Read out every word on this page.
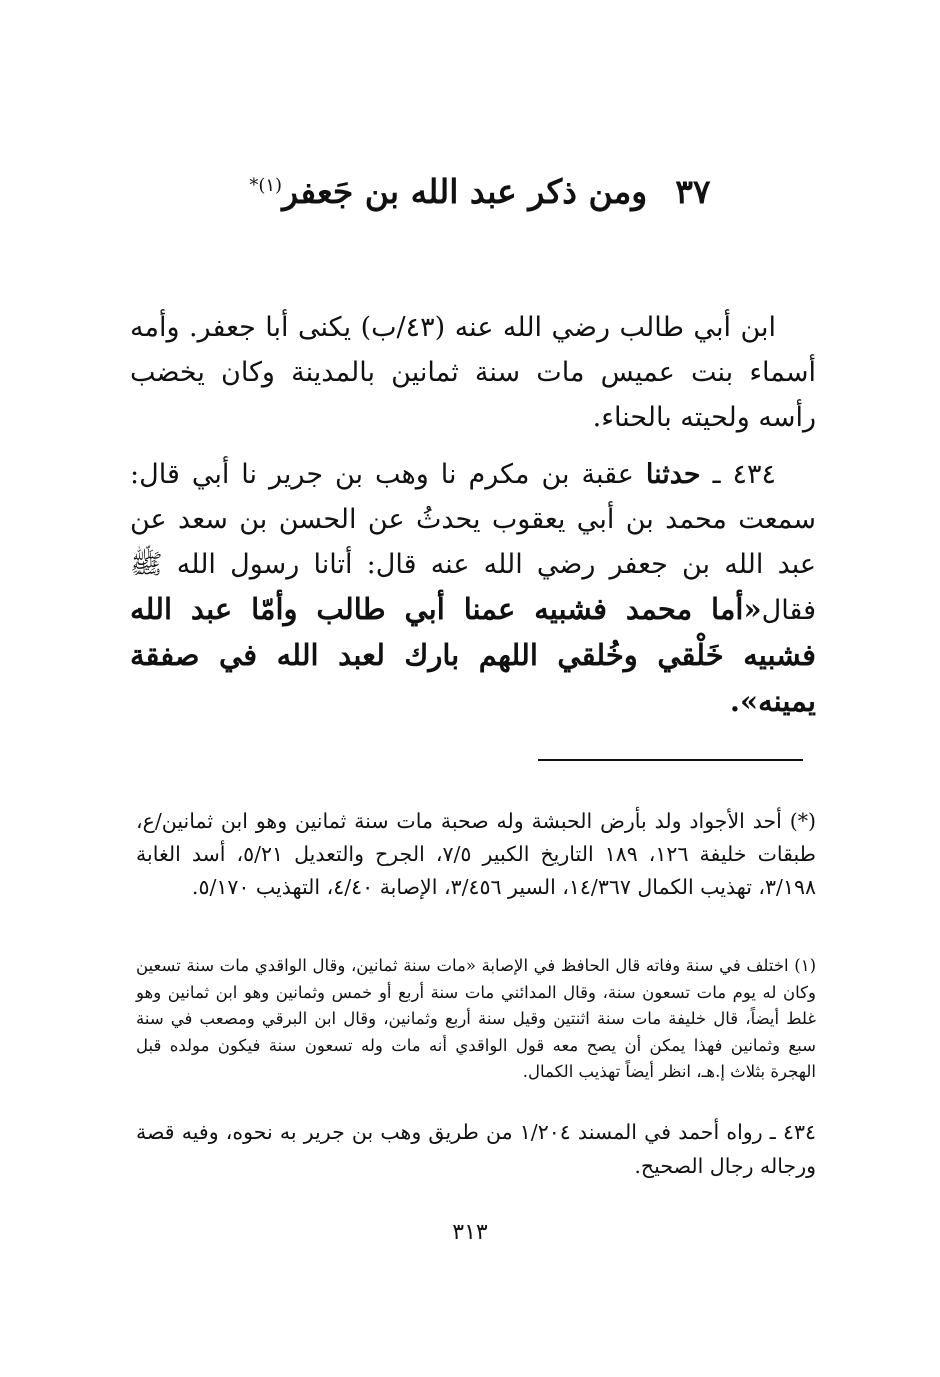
٣٧ومن ذكر عبد الله بن جَعفر$^{(١)*}$
ابن أبي طالب رضي الله عنه (٤٣/ب) يكنى أبا جعفر. وأمه أسماء بنت عميس مات سنة ثمانين بالمدينة وكان يخضب رأسه ولحيته بالحناء.
٤٣٤ ـ حدثنا عقبة بن مكرم نا وهب بن جرير نا أبي قال: سمعت محمد بن أبي يعقوب يحدثُ عن الحسن بن سعد عن عبد الله بن جعفر رضي الله عنه قال: أتانا رسول الله ﷺ فقال«أما محمد فشبيه عمنا أبي طالب وأمّا عبد الله فشبيه خَلْقي وخُلقي اللهم بارك لعبد الله في صفقة يمينه».
(*) أحد الأجواد ولد بأرض الحبشة وله صحبة مات سنة ثمانين وهو ابن ثمانين/ع، طبقات خليفة ١٢٦، ١٨٩ التاريخ الكبير ٧/٥، الجرح والتعديل ٥/٢١، أسد الغابة ٣/١٩٨، تهذيب الكمال ١٤/٣٦٧، السير ٣/٤٥٦، الإصابة ٤/٤٠، التهذيب ٥/١٧٠.
(١) اختلف في سنة وفاته قال الحافظ في الإصابة «مات سنة ثمانين، وقال الواقدي مات سنة تسعين وكان له يوم مات تسعون سنة، وقال المدائني مات سنة أربع أو خمس وثمانين وهو ابن ثمانين وهو غلط أيضاً، قال خليفة مات سنة اثنتين وقيل سنة أربع وثمانين، وقال ابن البرقي ومصعب في سنة سبع وثمانين فهذا يمكن أن يصح معه قول الواقدي أنه مات وله تسعون سنة فيكون مولده قبل الهجرة بثلاث إ.هـ، انظر أيضاً تهذيب الكمال.
٤٣٤ ـ رواه أحمد في المسند ١/٢٠٤ من طريق وهب بن جرير به نحوه، وفيه قصة ورجاله رجال الصحيح.
٣١٣
